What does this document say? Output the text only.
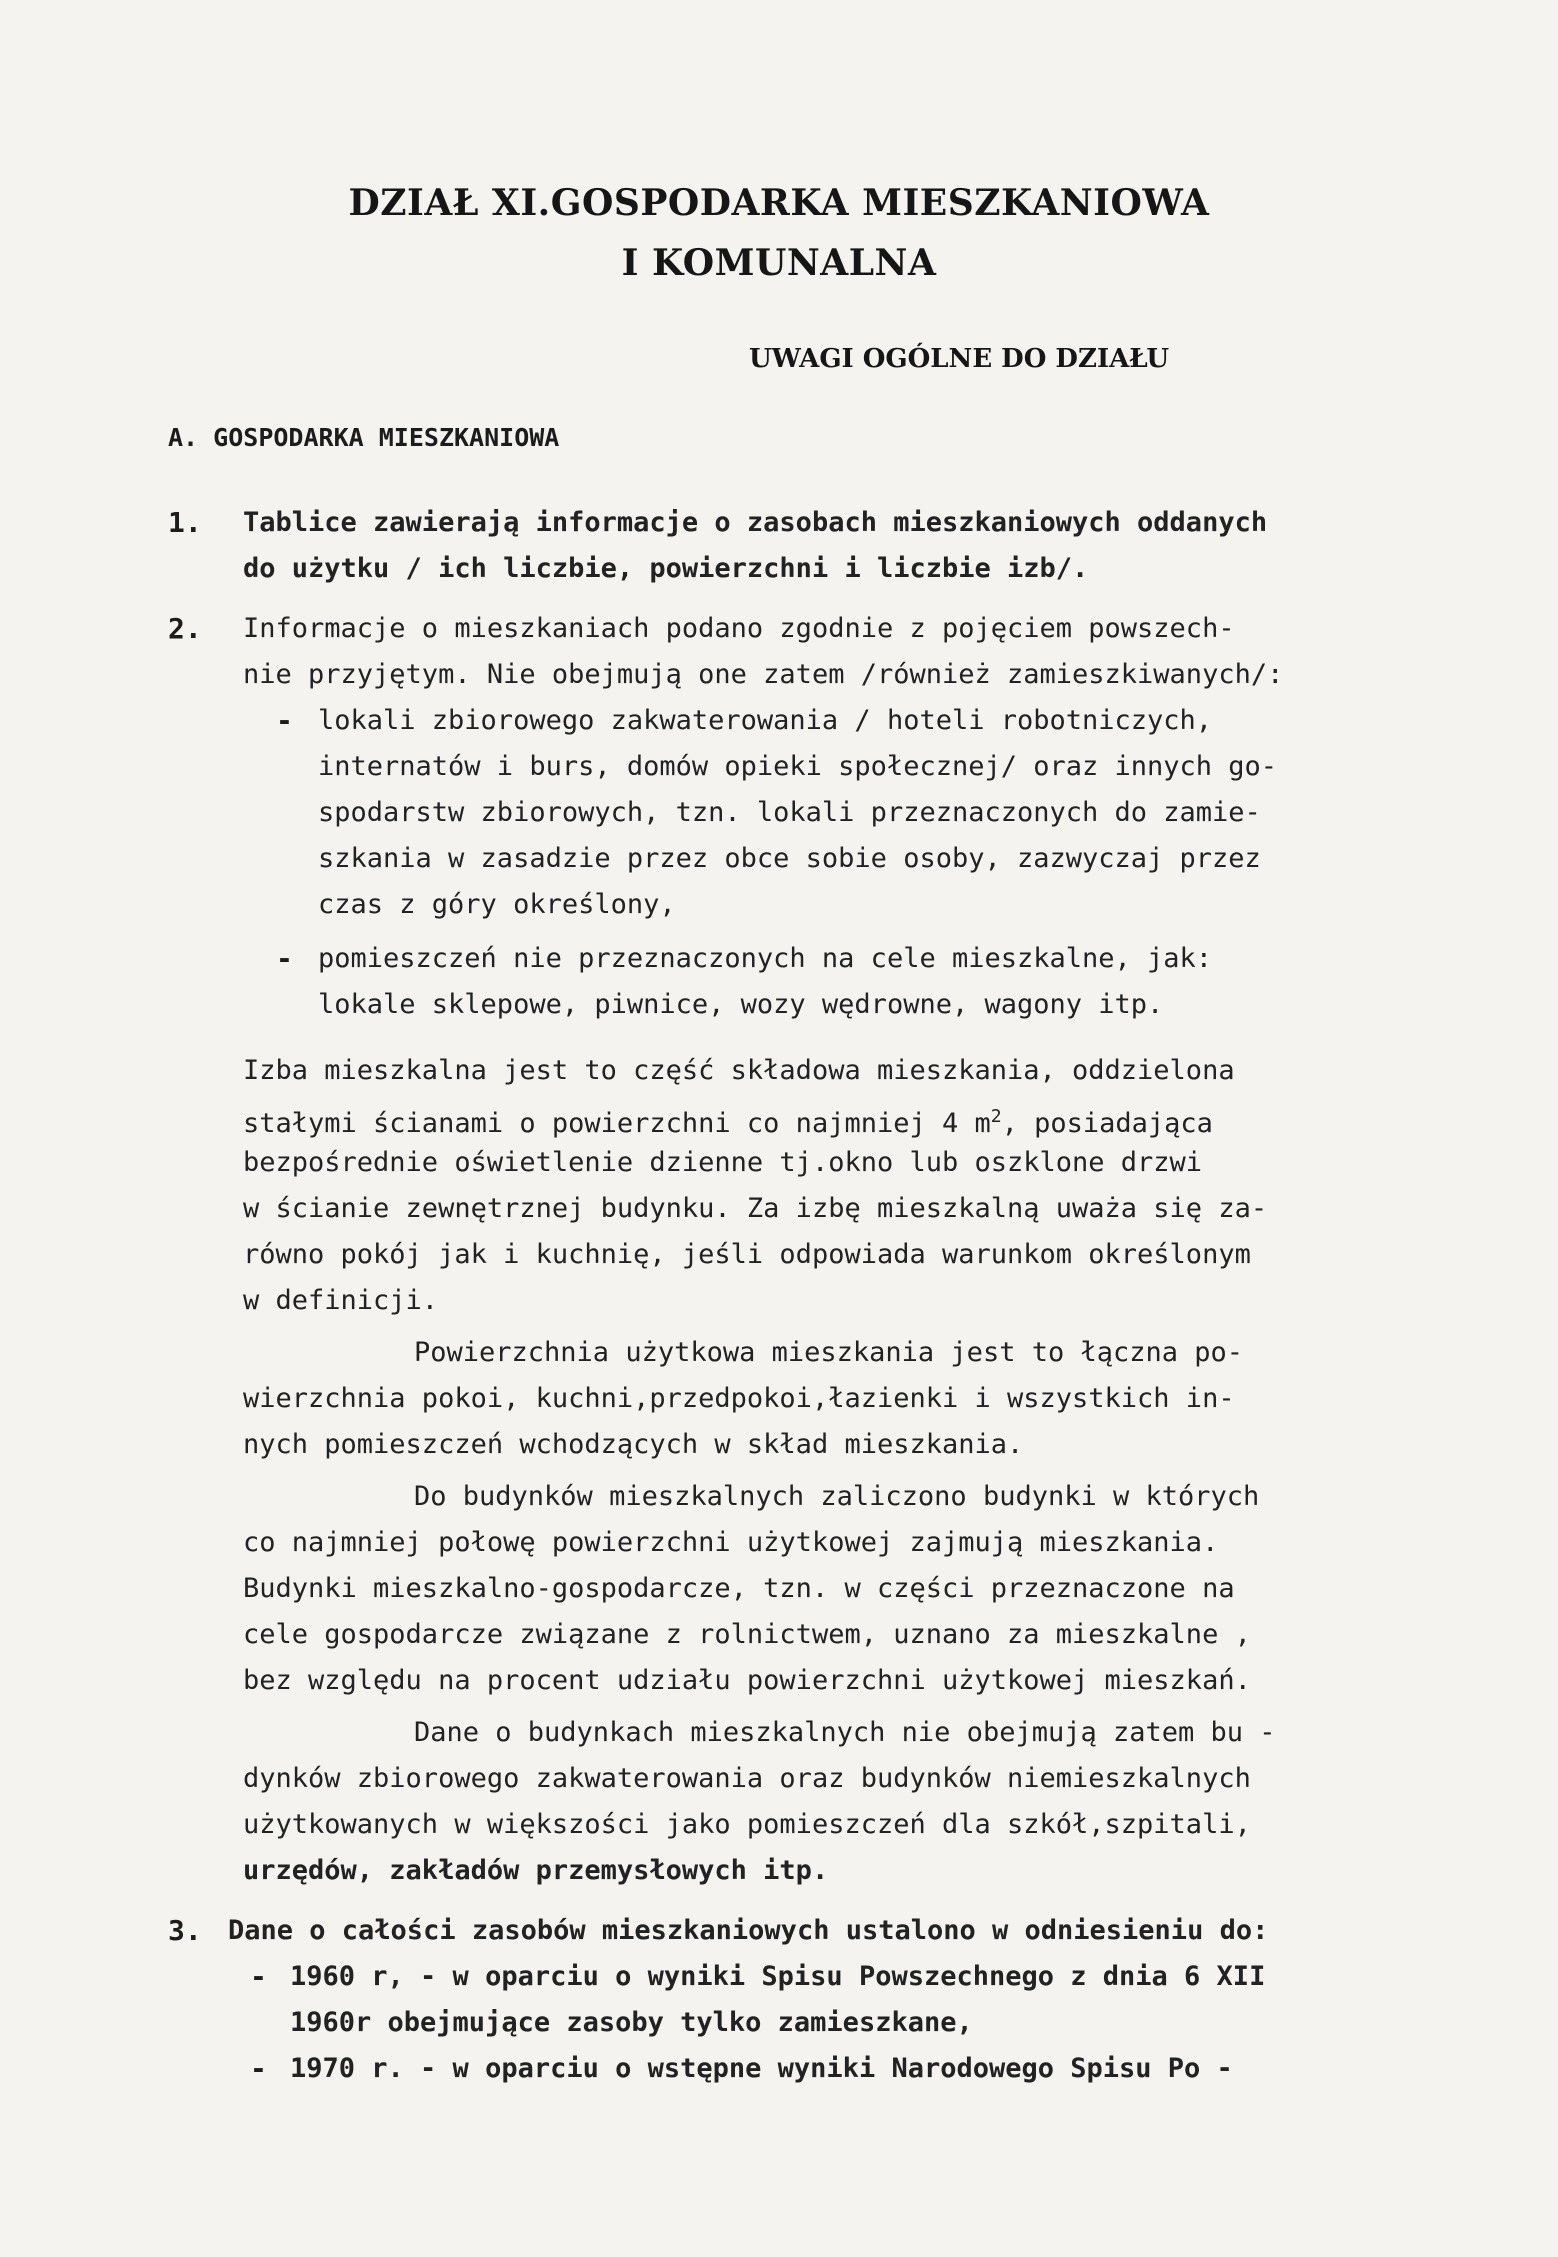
DZIAŁ XI.GOSPODARKA MIESZKANIOWA
I KOMUNALNA
UWAGI OGÓLNE DO DZIAŁU
A. GOSPODARKA MIESZKANIOWA
1. Tablice zawierają informacje o zasobach mieszkaniowych oddanych
do użytku / ich liczbie, powierzchni i liczbie izb/.
2. Informacje o mieszkaniach podano zgodnie z pojęciem powszech-
nie przyjętym. Nie obejmują one zatem /również zamieszkiwanych/:
- lokali zbiorowego zakwaterowania / hoteli robotniczych,
internatów i burs, domów opieki społecznej/ oraz innych go-
spodarstw zbiorowych, tzn. lokali przeznaczonych do zamie-
szkania w zasadzie przez obce sobie osoby, zazwyczaj przez
czas z góry określony,
- pomieszczeń nie przeznaczonych na cele mieszkalne, jak:
lokale sklepowe, piwnice, wozy wędrowne, wagony itp.
Izba mieszkalna jest to część składowa mieszkania, oddzielona
stałymi ścianami o powierzchni co najmniej 4 $m^2$, posiadająca
bezpośrednie oświetlenie dzienne tj.okno lub oszklone drzwi
w ścianie zewnętrznej budynku. Za izbę mieszkalną uważa się za-
równo pokój jak i kuchnię, jeśli odpowiada warunkom określonym
w definicji.
Powierzchnia użytkowa mieszkania jest to łączna po-
wierzchnia pokoi, kuchni,przedpokoi,łazienki i wszystkich in-
nych pomieszczeń wchodzących w skład mieszkania.
Do budynków mieszkalnych zaliczono budynki w których
co najmniej połowę powierzchni użytkowej zajmują mieszkania.
Budynki mieszkalno-gospodarcze, tzn. w części przeznaczone na
cele gospodarcze związane z rolnictwem, uznano za mieszkalne ,
bez względu na procent udziału powierzchni użytkowej mieszkań.
Dane o budynkach mieszkalnych nie obejmują zatem bu -
dynków zbiorowego zakwaterowania oraz budynków niemieszkalnych
użytkowanych w większości jako pomieszczeń dla szkół,szpitali,
urzędów, zakładów przemysłowych itp.
3. Dane o całości zasobów mieszkaniowych ustalono w odniesieniu do:
- 1960 r, - w oparciu o wyniki Spisu Powszechnego z dnia 6 XII
1960r obejmujące zasoby tylko zamieszkane,
- 1970 r. - w oparciu o wstępne wyniki Narodowego Spisu Po -
